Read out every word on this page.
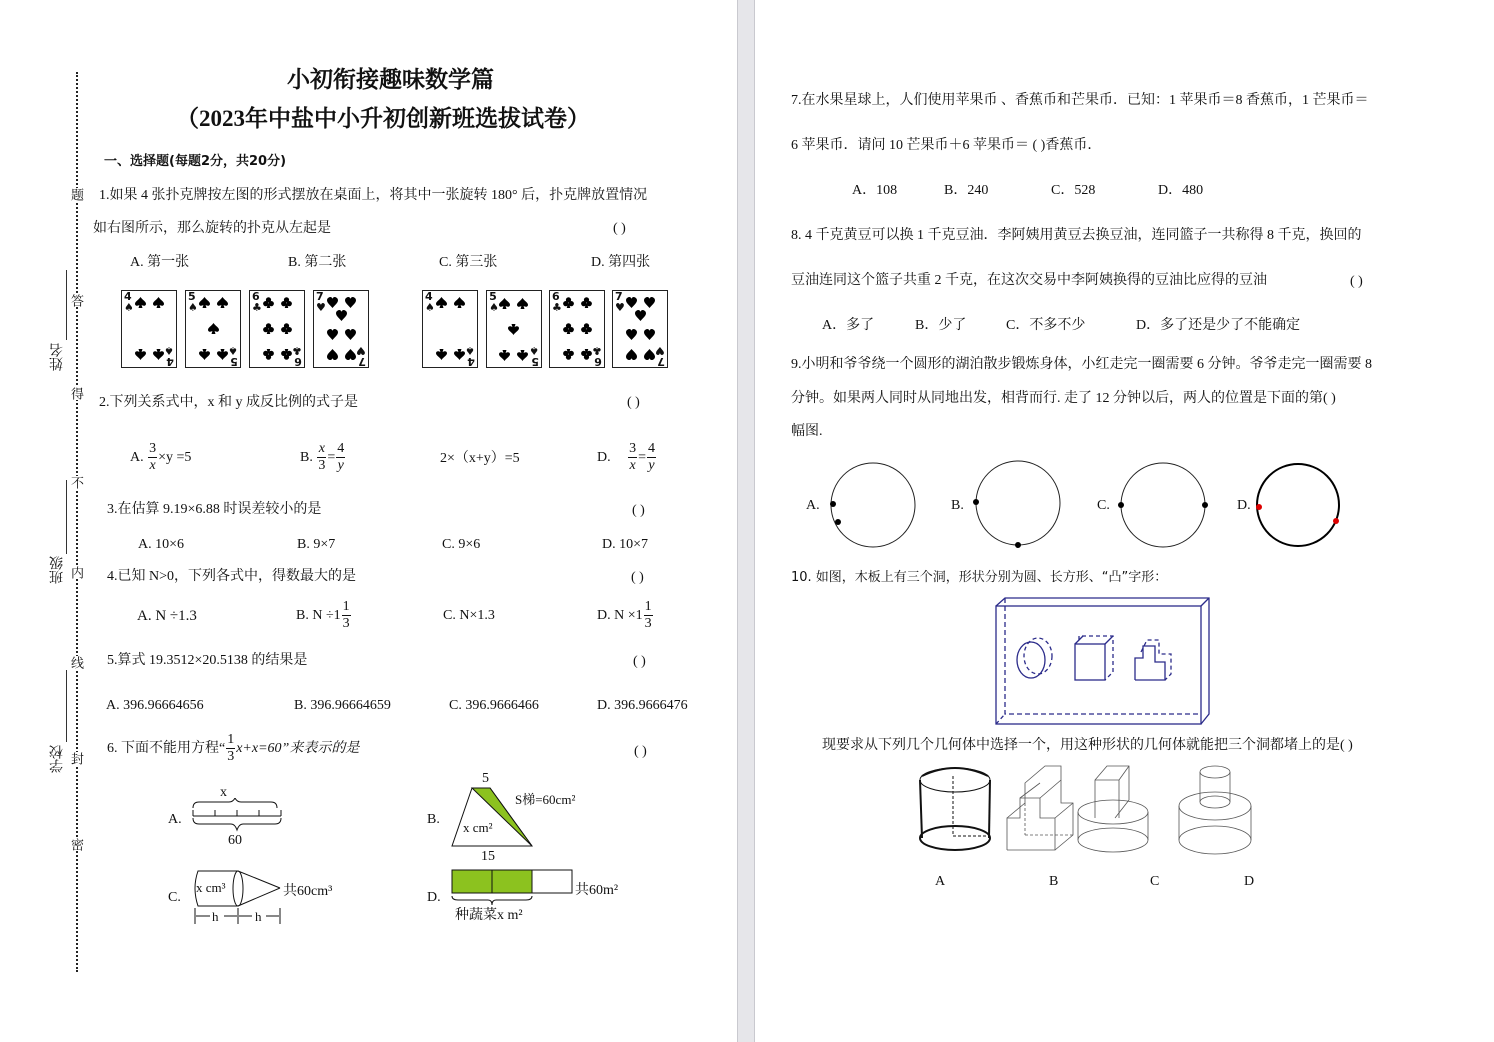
题
答
得
不
内
线
封
密
姓名
班级
学校
小初衔接趣味数学篇
（2023年中盐中小升初创新班选拔试卷）
一、选择题(每题2分，共20分)
1.如果 4 张扑克牌按左图的形式摆放在桌面上，将其中一张旋转 180° 后，扑克牌放置情况
如右图所示，那么旋转的扑克从左起是	( )
A. 第一张	B. 第二张	C. 第三张	D. 第四张
4
♠
4
♠
5
♠
5
♠
6
♣
6
♣
7
♥
7
♥
4
♠
4
♠
5
♠
5
♠
6
♣
6
♣
7
♥
7
♥
2.下列关系式中，x 和 y 成反比例的式子是	( )
A. $\frac{3}{x} \times y =5$	B. $\frac{x}{3} = \frac{4}{y}$	2×（x+y）=5	D. $\frac{3}{x} = \frac{4}{y}$
3.在估算 9.19×6.88 时误差较小的是	( )
A. 10×6	B. 9×7	C. 9×6	D. 10×7
4.已知 N>0，下列各式中，得数最大的是	( )
A. N ÷1.3	B. $N \div 1 \frac{1}{3}$	C. N×1.3	D. $N \times 1 \frac{1}{3}$
5.算式 19.3512×20.5138 的结果是	( )
A. 396.96664656	B. 396.96664659	C. 396.9666466	D. 396.9666476
6. 下面不能用方程“ $\frac{1}{3} x+x=60$”来表示的是	( )
A.
x
60
B.
5
15
x cm²
S梯=60cm²
C.
x cm³	共60cm³
h	h
D.	共60m²
种蔬菜x m²
7.在水果星球上，人们使用苹果币 、香蕉币和芒果币．已知：1 苹果币＝8 香蕉币，1 芒果币＝
6 苹果币．请问 10 芒果币＋6 苹果币＝ ( )香蕉币．
A．108	B．240	C．528	D．480
8. 4 千克黄豆可以换 1 千克豆油．李阿姨用黄豆去换豆油，连同篮子一共称得 8 千克，换回的
豆油连同这个篮子共重 2 千克，在这次交易中李阿姨换得的豆油比应得的豆油	( )
A．多了	B．少了	C．不多不少	D．多了还是少了不能确定
9.小明和爷爷绕一个圆形的湖泊散步锻炼身体，小红走完一圈需要 6 分钟。爷爷走完一圈需要 8
分钟。如果两人同时从同地出发，相背而行. 走了 12 分钟以后，两人的位置是下面的第( )
幅图.
A.	B.	C.	D.
10. 如图，木板上有三个洞，形状分别为圆、长方形、“凸”字形：
现要求从下列几个几何体中选择一个，用这种形状的几何体就能把三个洞都堵上的是( )
A	B	C	D
